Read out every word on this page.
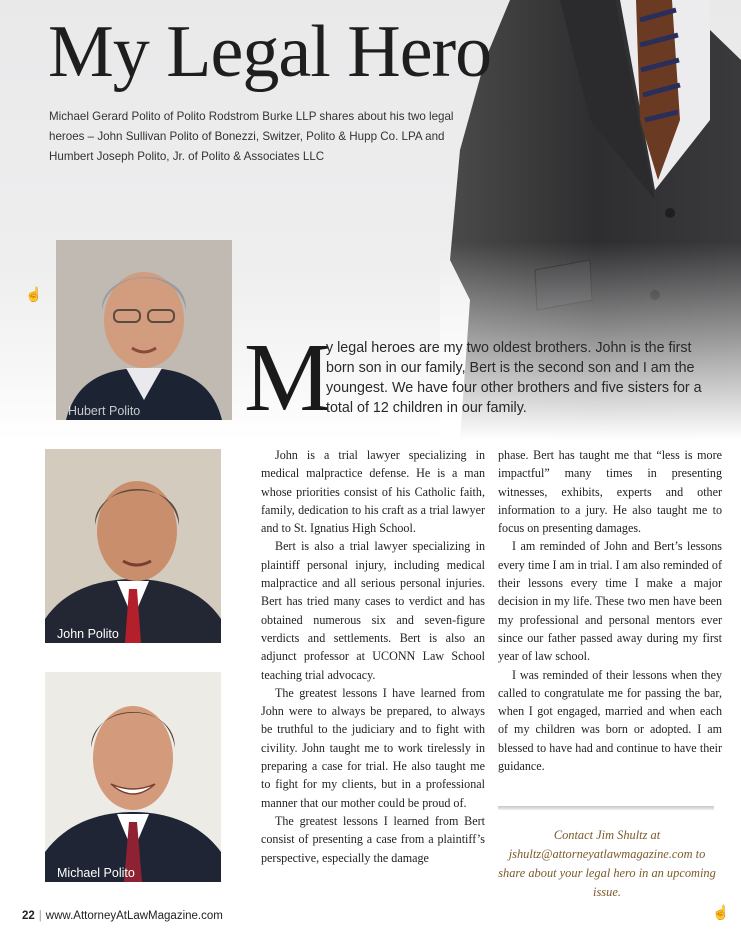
My Legal Hero

Michael Gerard Polito of Polito Rodstrom Burke LLP shares about his two legal heroes – John Sullivan Polito of Bonezzi, Switzer, Polito & Hupp Co. LPA and Humbert Joseph Polito, Jr. of Polito & Associates LLC

☝
Hubert Polito
John Polito
Michael Polito
M

y legal heroes are my two oldest brothers. John is the first born son in our family, Bert is the second son and I am the youngest. We have four other brothers and five sisters for a total of 12 children in our family.

John is a trial lawyer specializing in medical malpractice defense. He is a man whose priorities consist of his Catholic faith, family, dedication to his craft as a trial lawyer and to St. Ignatius High School.

Bert is also a trial lawyer specializing in plaintiff personal injury, including medical malpractice and all serious personal injuries. Bert has tried many cases to verdict and has obtained numerous six and seven-figure verdicts and settlements. Bert is also an adjunct professor at UCONN Law School teaching trial advocacy.

The greatest lessons I have learned from John were to always be prepared, to always be truthful to the judiciary and to fight with civility. John taught me to work tirelessly in preparing a case for trial. He also taught me to fight for my clients, but in a professional manner that our mother could be proud of.

The greatest lessons I learned from Bert consist of presenting a case from a plaintiff’s perspective, especially the damage

phase. Bert has taught me that “less is more impactful” many times in presenting witnesses, exhibits, experts and other information to a jury. He also taught me to focus on presenting damages.

I am reminded of John and Bert’s lessons every time I am in trial. I am also reminded of their lessons every time I make a major decision in my life. These two men have been my professional and personal mentors ever since our father passed away during my first year of law school.

I was reminded of their lessons when they called to congratulate me for passing the bar, when I got engaged, married and when each of my children was born or adopted. I am blessed to have had and continue to have their guidance.

Contact Jim Shultz at jshultz@attorneyatlawmagazine.com to share about your legal hero in an upcoming issue.

22 | www.AttorneyAtLawMagazine.com	☝
